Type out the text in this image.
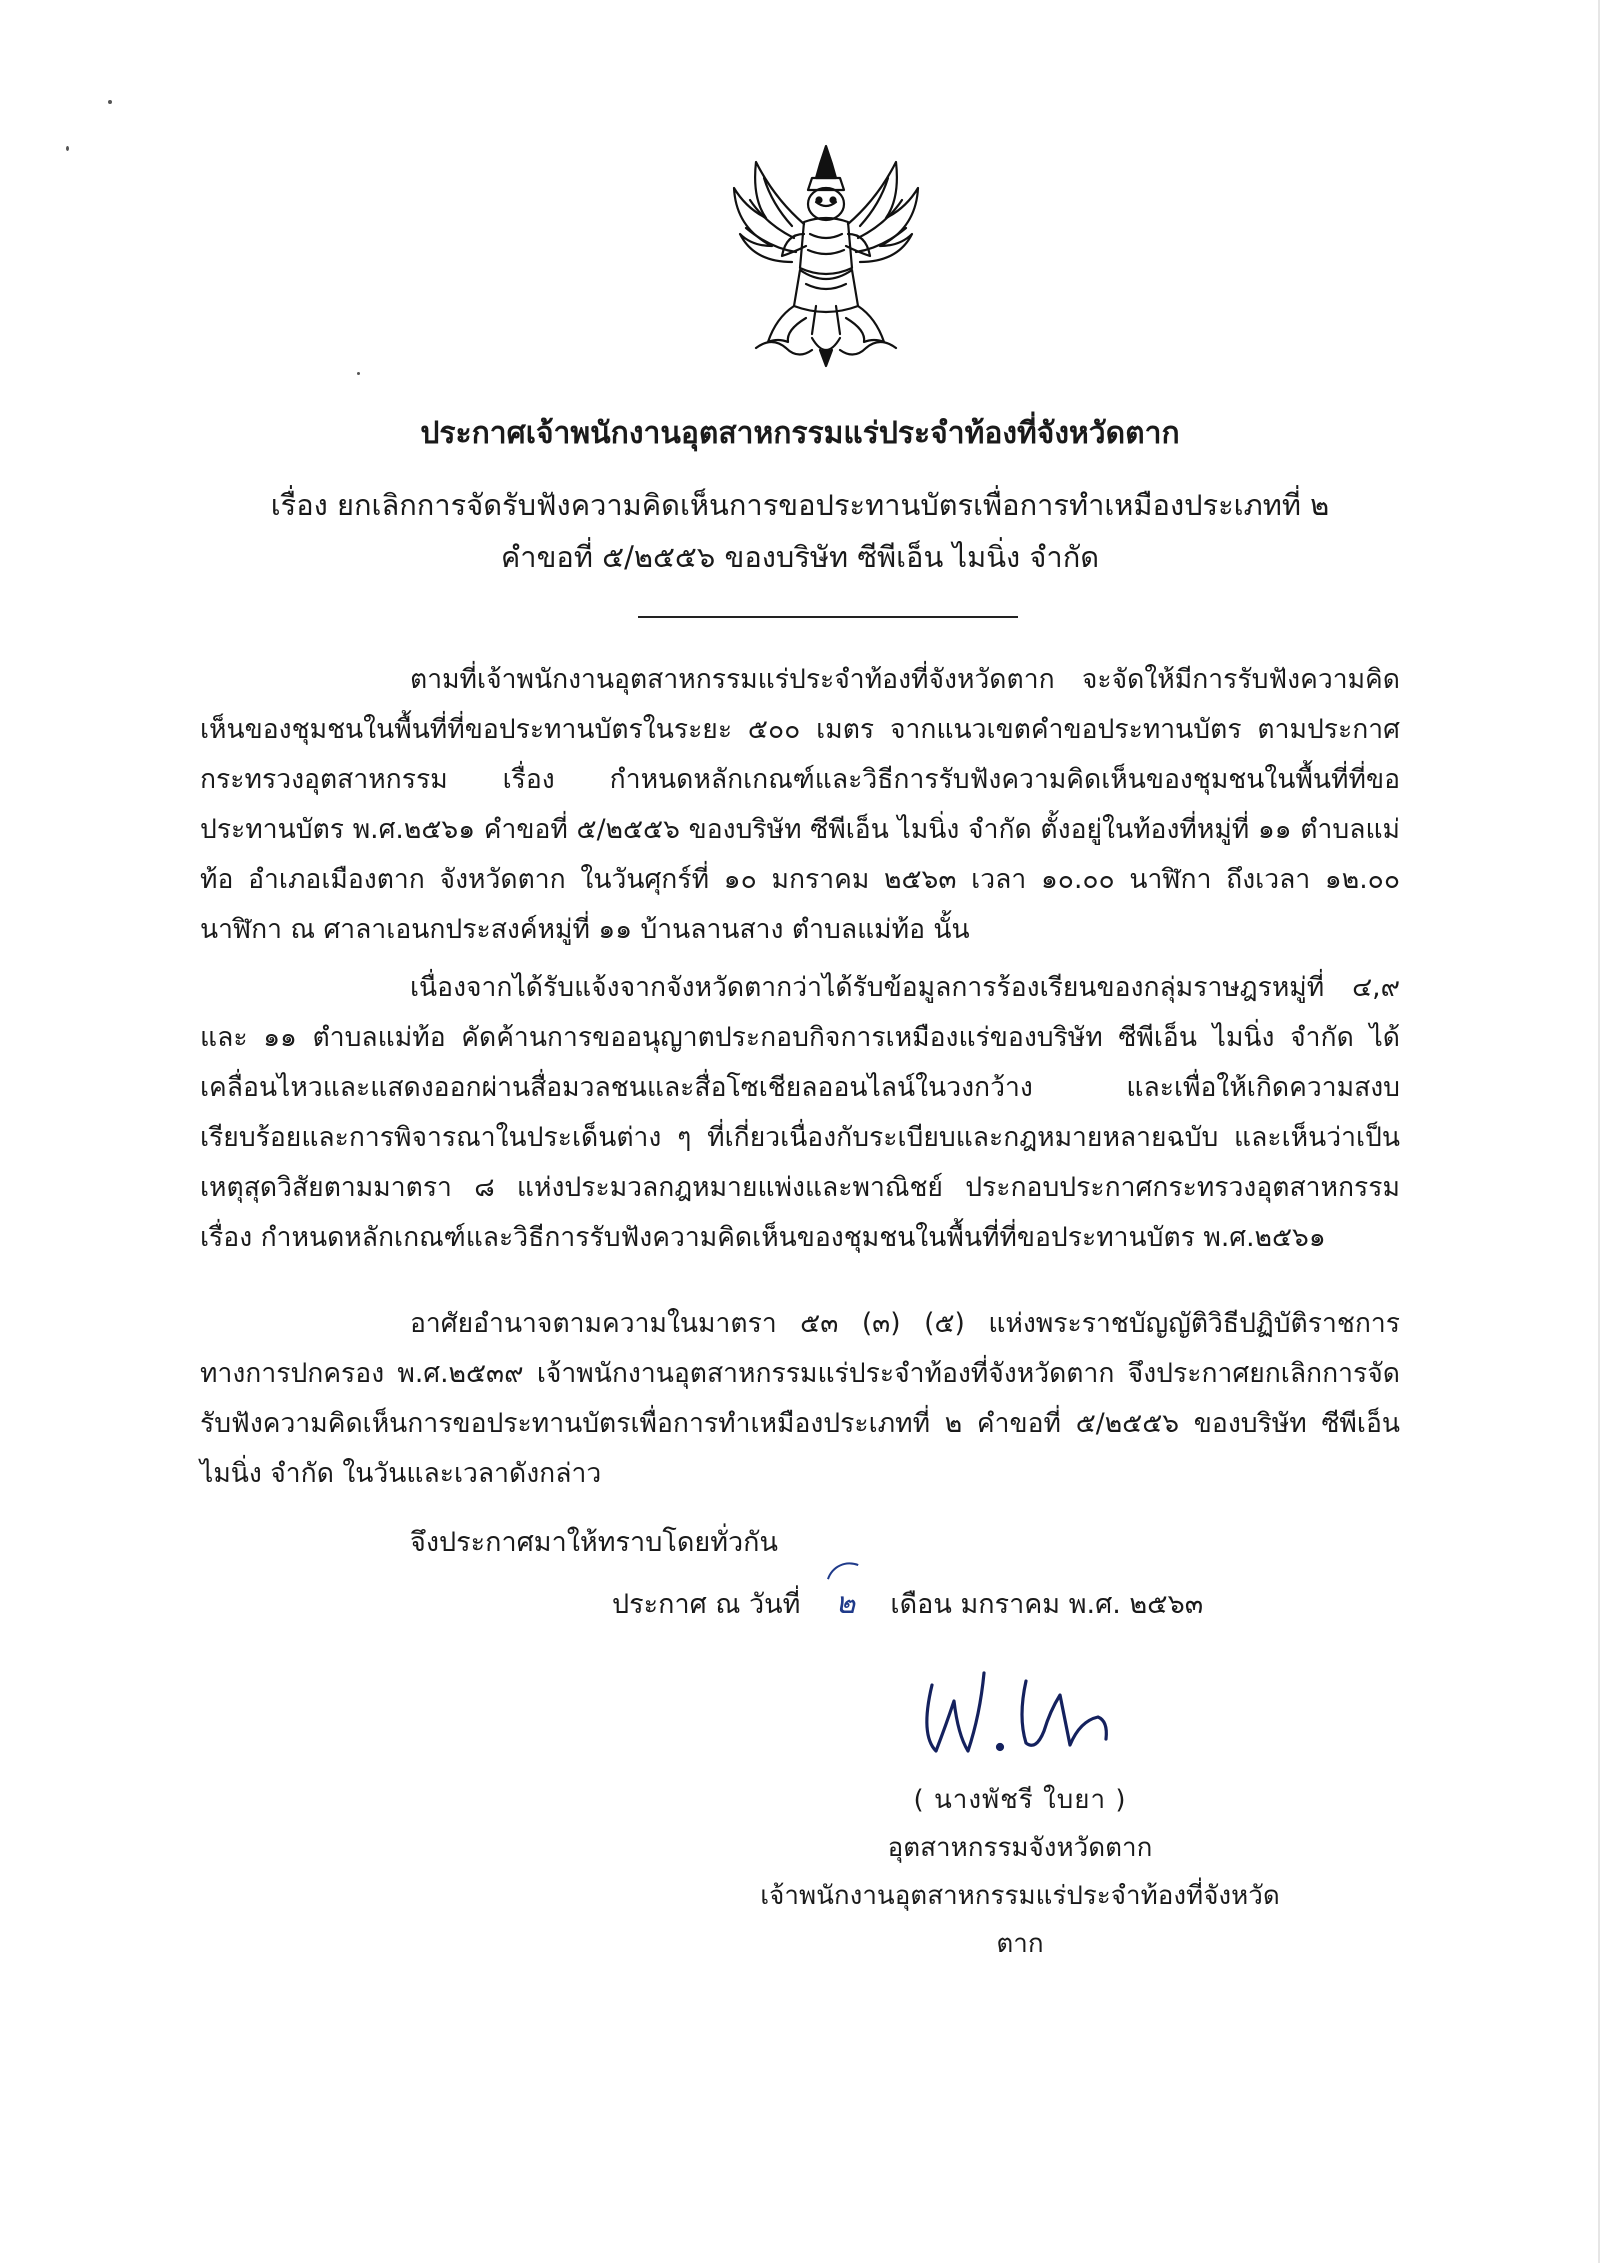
ประกาศเจ้าพนักงานอุตสาหกรรมแร่ประจำท้องที่จังหวัดตาก
เรื่อง ยกเลิกการจัดรับฟังความคิดเห็นการขอประทานบัตรเพื่อการทำเหมืองประเภทที่ ๒
คำขอที่ ๕/๒๕๕๖ ของบริษัท ซีพีเอ็น ไมนิ่ง จำกัด

ตามที่เจ้าพนักงานอุตสาหกรรมแร่ประจำท้องที่จังหวัดตาก จะจัดให้มีการรับฟังความคิดเห็นของชุมชนในพื้นที่ที่ขอประทานบัตรในระยะ ๕๐๐ เมตร จากแนวเขตคำขอประทานบัตร ตามประกาศกระทรวงอุตสาหกรรม เรื่อง กำหนดหลักเกณฑ์และวิธีการรับฟังความคิดเห็นของชุมชนในพื้นที่ที่ขอประทานบัตร พ.ศ.๒๕๖๑ คำขอที่ ๕/๒๕๕๖ ของบริษัท ซีพีเอ็น ไมนิ่ง จำกัด ตั้งอยู่ในท้องที่หมู่ที่ ๑๑ ตำบลแม่ท้อ อำเภอเมืองตาก จังหวัดตาก ในวันศุกร์ที่ ๑๐ มกราคม ๒๕๖๓ เวลา ๑๐.๐๐ นาฬิกา ถึงเวลา ๑๒.๐๐ นาฬิกา ณ ศาลาเอนกประสงค์หมู่ที่ ๑๑ บ้านลานสาง ตำบลแม่ท้อ นั้น

เนื่องจากได้รับแจ้งจากจังหวัดตากว่าได้รับข้อมูลการร้องเรียนของกลุ่มราษฎรหมู่ที่ ๔,๙ และ ๑๑ ตำบลแม่ท้อ คัดค้านการขออนุญาตประกอบกิจการเหมืองแร่ของบริษัท ซีพีเอ็น ไมนิ่ง จำกัด ได้เคลื่อนไหวและแสดงออกผ่านสื่อมวลชนและสื่อโซเชียลออนไลน์ในวงกว้าง และเพื่อให้เกิดความสงบเรียบร้อยและการพิจารณาในประเด็นต่าง ๆ ที่เกี่ยวเนื่องกับระเบียบและกฎหมายหลายฉบับ และเห็นว่าเป็นเหตุสุดวิสัยตามมาตรา ๘ แห่งประมวลกฎหมายแพ่งและพาณิชย์ ประกอบประกาศกระทรวงอุตสาหกรรม เรื่อง กำหนดหลักเกณฑ์และวิธีการรับฟังความคิดเห็นของชุมชนในพื้นที่ที่ขอประทานบัตร พ.ศ.๒๕๖๑

อาศัยอำนาจตามความในมาตรา ๕๓ (๓) (๕) แห่งพระราชบัญญัติวิธีปฏิบัติราชการทางการปกครอง พ.ศ.๒๕๓๙ เจ้าพนักงานอุตสาหกรรมแร่ประจำท้องที่จังหวัดตาก จึงประกาศยกเลิกการจัดรับฟังความคิดเห็นการขอประทานบัตรเพื่อการทำเหมืองประเภทที่ ๒ คำขอที่ ๕/๒๕๕๖ ของบริษัท ซีพีเอ็น ไมนิ่ง จำกัด ในวันและเวลาดังกล่าว

จึงประกาศมาให้ทราบโดยทั่วกัน
ประกาศ ณ วันที่ ๒ เดือน มกราคม พ.ศ. ๒๕๖๓
( นางพัชรี ใบยา )
อุตสาหกรรมจังหวัดตาก
เจ้าพนักงานอุตสาหกรรมแร่ประจำท้องที่จังหวัดตาก
